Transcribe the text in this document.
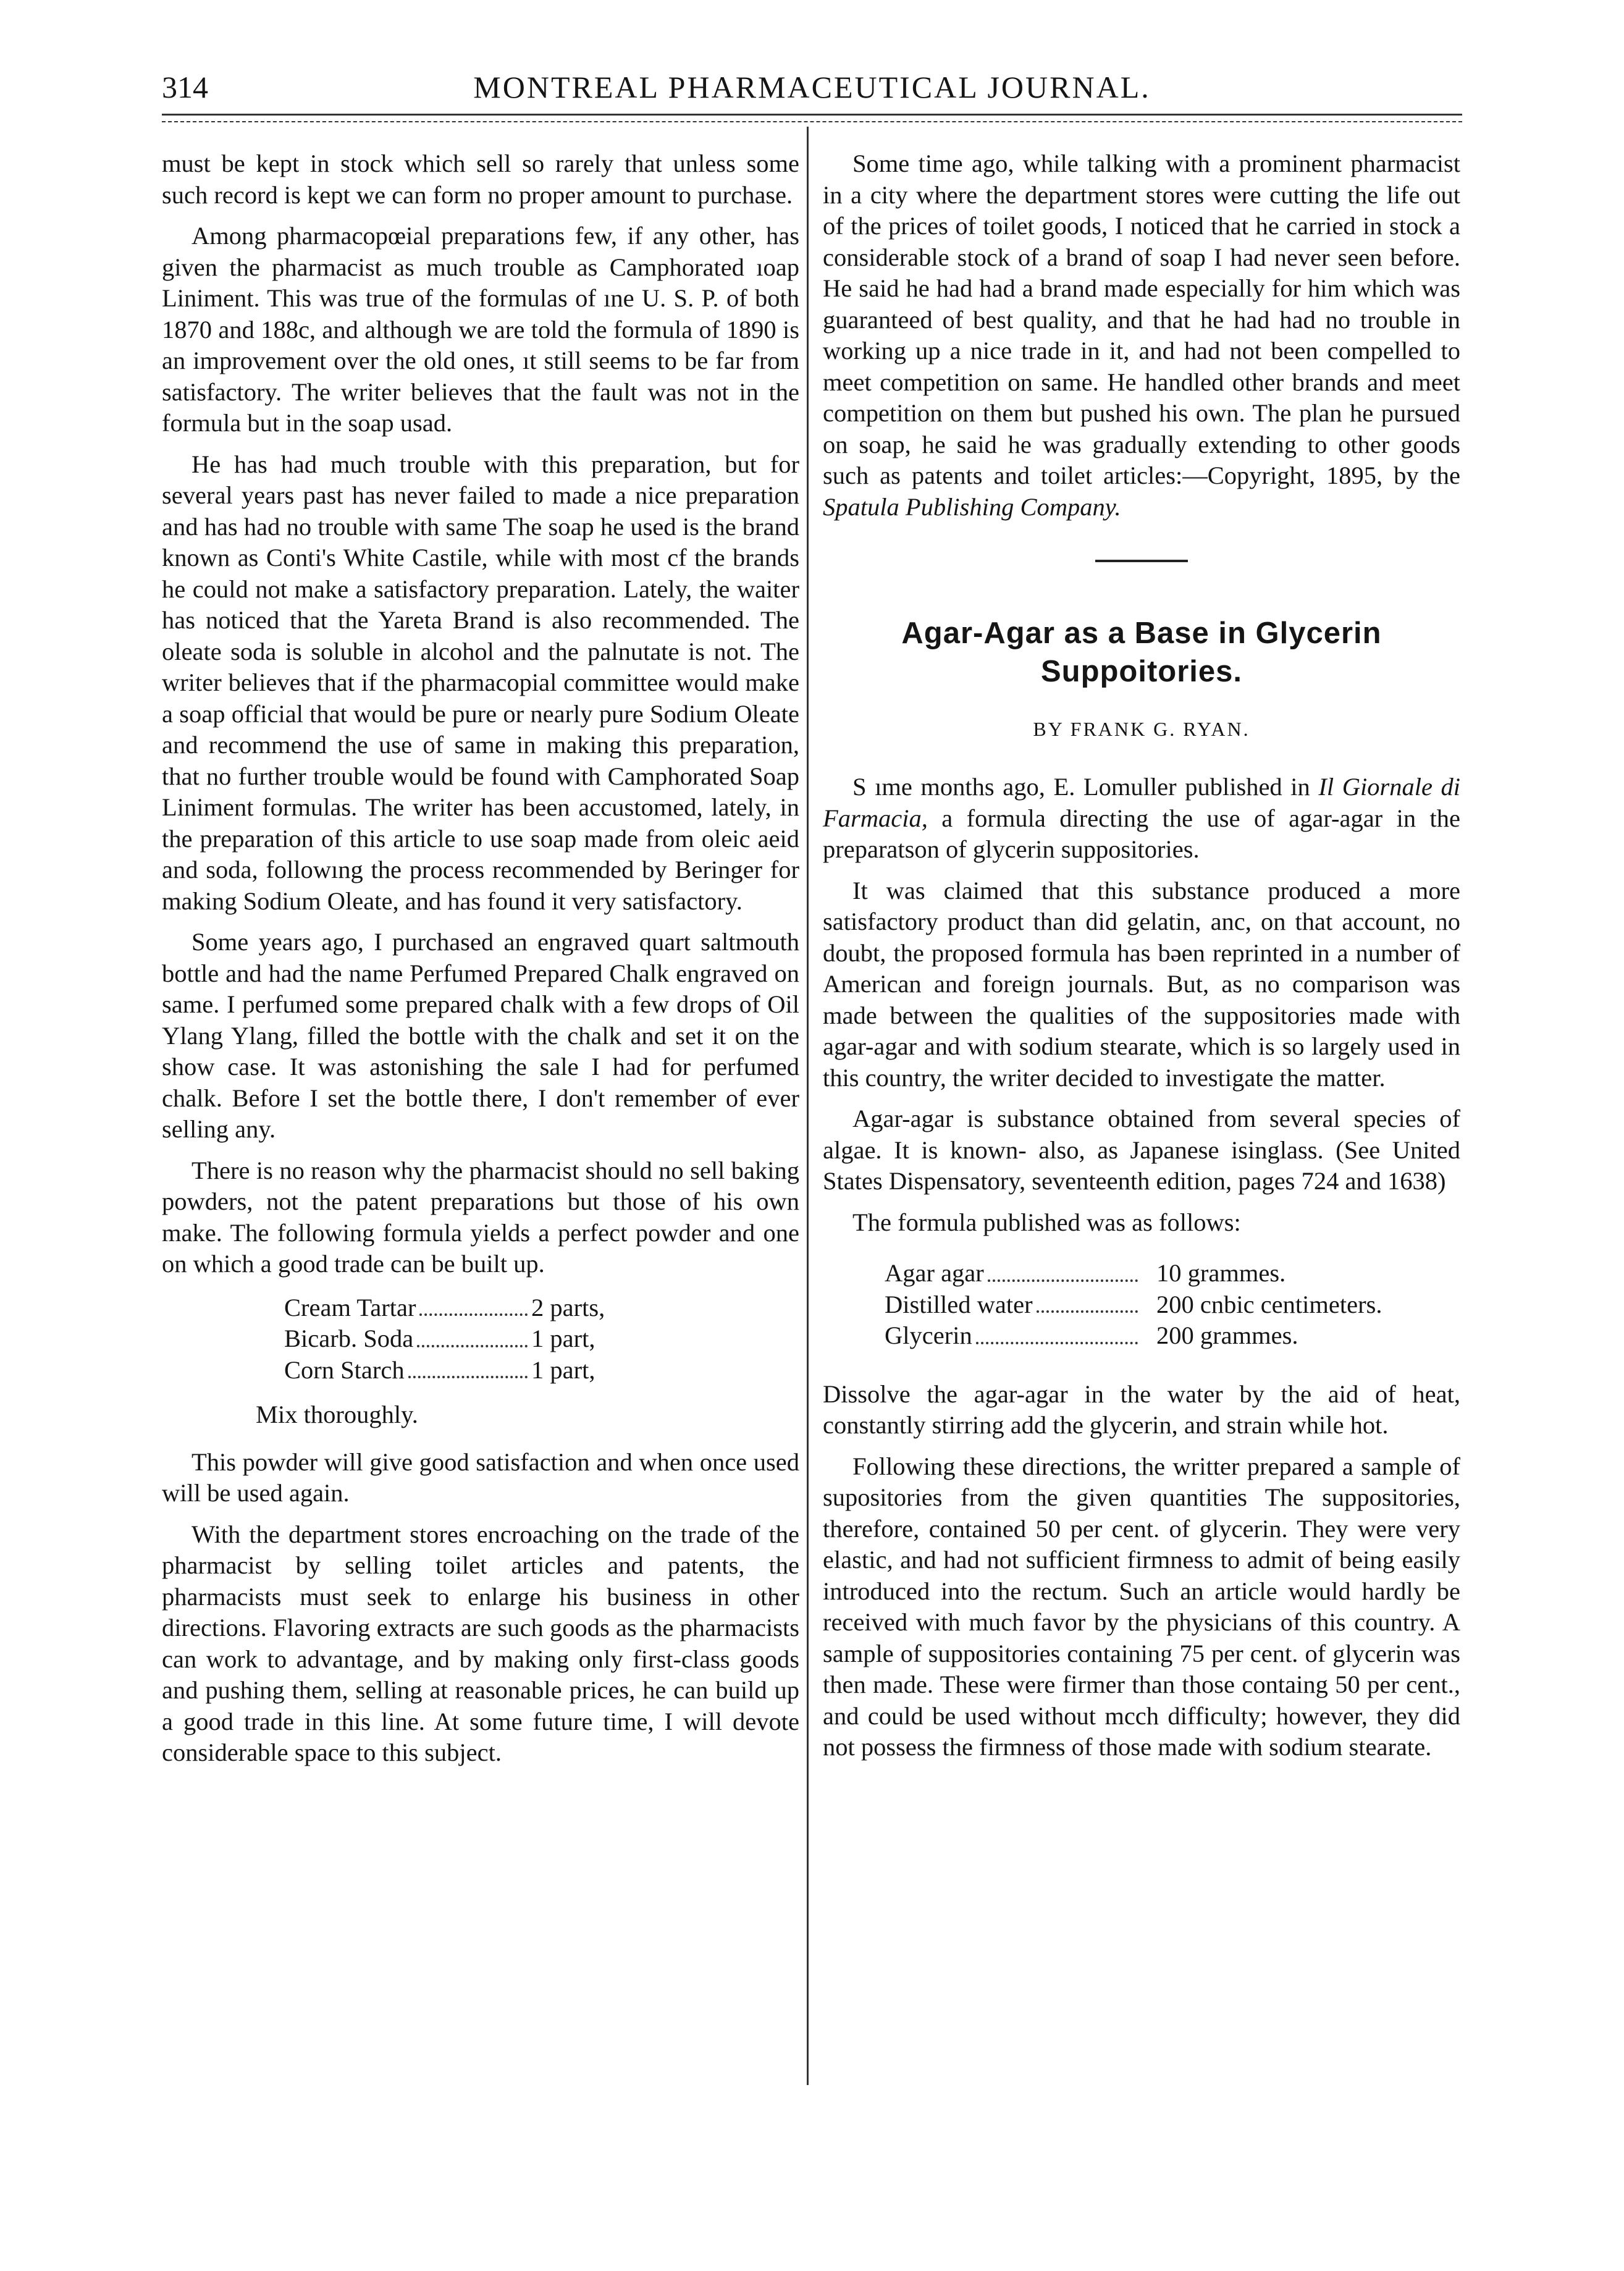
314	MONTREAL PHARMACEUTICAL JOURNAL.

must be kept in stock which sell so rarely that unless some such record is kept we can form no proper amount to purchase.

Among pharmacopœial preparations few, if any other, has given the pharmacist as much trouble as Camphorated ıoap Liniment. This was true of the formulas of ıne U. S. P. of both 1870 and 188c, and although we are told the formula of 1890 is an improvement over the old ones, ıt still seems to be far from satisfactory. The writer believes that the fault was not in the formula but in the soap usad.

He has had much trouble with this preparation, but for several years past has never failed to made a nice preparation and has had no trouble with same The soap he used is the brand known as Conti's White Castile, while with most cf the brands he could not make a satisfactory preparation. Lately, the waiter has noticed that the Yareta Brand is also recommended. The oleate soda is soluble in alcohol and the palnutate is not. The writer believes that if the pharmacopial committee would make a soap official that would be pure or nearly pure Sodium Oleate and recommend the use of same in making this preparation, that no further trouble would be found with Camphorated Soap Liniment formulas. The writer has been accustomed, lately, in the preparation of this article to use soap made from oleic aeid and soda, followıng the process recommended by Beringer for making Sodium Oleate, and has found it very satisfactory.

Some years ago, I purchased an engraved quart saltmouth bottle and had the name Perfumed Prepared Chalk engraved on same. I perfumed some prepared chalk with a few drops of Oil Ylang Ylang, filled the bottle with the chalk and set it on the show case. It was astonishing the sale I had for perfumed chalk. Before I set the bottle there, I don't remember of ever selling any.

There is no reason why the pharmacist should no sell baking powders, not the patent preparations but those of his own make. The following formula yields a perfect powder and one on which a good trade can be built up.

Cream Tartar	2 parts,
Bicarb. Soda	1 part,
Corn Starch	1 part,
Mix thoroughly.

This powder will give good satisfaction and when once used will be used again.

With the department stores encroaching on the trade of the pharmacist by selling toilet articles and patents, the pharmacists must seek to enlarge his business in other directions. Flavoring extracts are such goods as the pharmacists can work to advantage, and by making only first-class goods and pushing them, selling at reasonable prices, he can build up a good trade in this line. At some future time, I will devote considerable space to this subject.

Some time ago, while talking with a prominent pharmacist in a city where the department stores were cutting the life out of the prices of toilet goods, I noticed that he carried in stock a considerable stock of a brand of soap I had never seen before. He said he had had a brand made especially for him which was guaranteed of best quality, and that he had had no trouble in working up a nice trade in it, and had not been compelled to meet competition on same. He handled other brands and meet competition on them but pushed his own. The plan he pursued on soap, he said he was gradually extending to other goods such as patents and toilet articles:—Copyright, 1895, by the Spatula Publishing Company.

Agar-Agar as a Base in Glycerin Suppoitories.
BY FRANK G. RYAN.

S ıme months ago, E. Lomuller published in Il Giornale di Farmacia, a formula directing the use of agar-agar in the preparatson of glycerin suppositories.

It was claimed that this substance produced a more satisfactory product than did gelatin, anc, on that account, no doubt, the proposed formula has bəen reprinted in a number of American and foreign journals. But, as no comparison was made between the qualities of the suppositories made with agar-agar and with sodium stearate, which is so largely used in this country, the writer decided to investigate the matter.

Agar-agar is substance obtained from several species of algae. It is known- also, as Japanese isinglass. (See United States Dispensatory, seventeenth edition, pages 724 and 1638)

The formula published was as follows:

Agar agar	10 grammes.
Distilled water	200 cnbic centimeters.
Glycerin	200 grammes.

Dissolve the agar-agar in the water by the aid of heat, constantly stirring add the glycerin, and strain while hot.

Following these directions, the writter prepared a sample of supositories from the given quantities The suppositories, therefore, contained 50 per cent. of glycerin. They were very elastic, and had not sufficient firmness to admit of being easily introduced into the rectum. Such an article would hardly be received with much favor by the physicians of this country. A sample of suppositories containing 75 per cent. of glycerin was then made. These were firmer than those containg 50 per cent., and could be used without mcch difficulty; however, they did not possess the firmness of those made with sodium stearate.
